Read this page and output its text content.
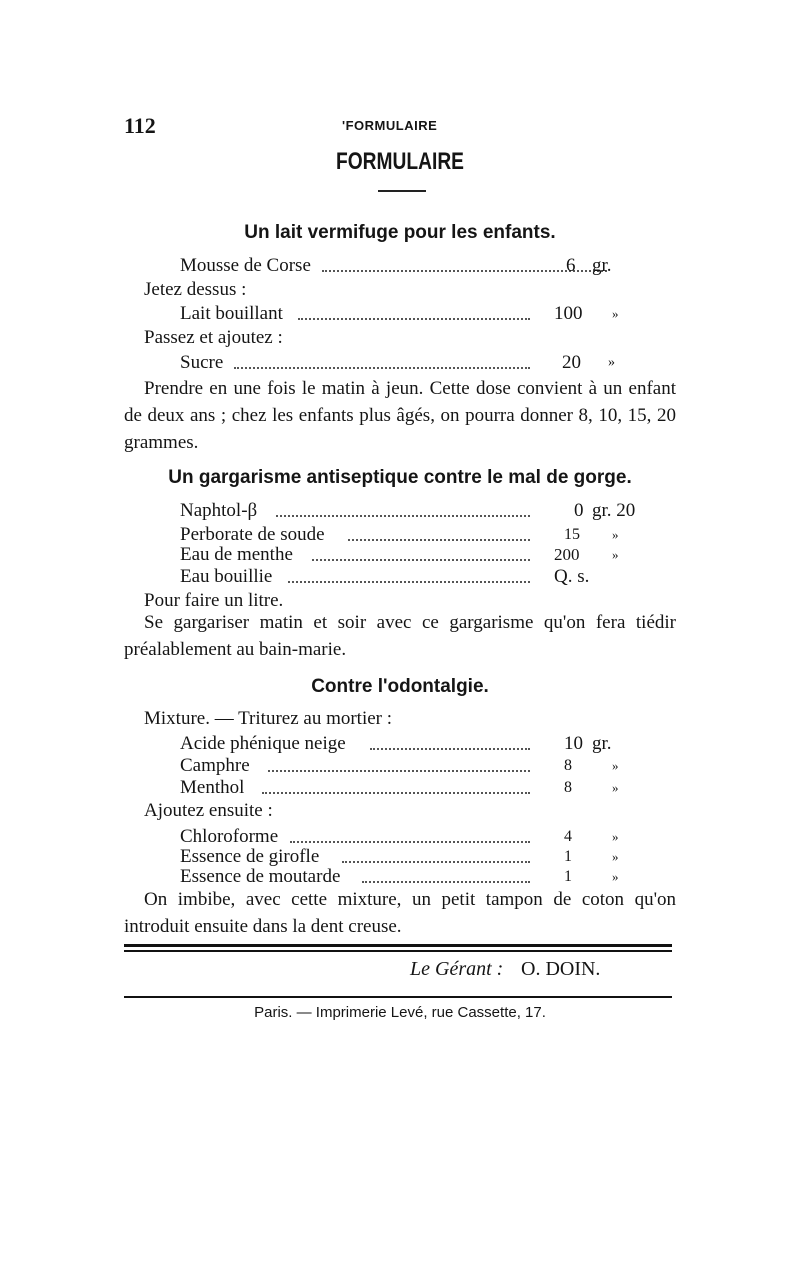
112	'FORMULAIRE
FORMULAIRE
Un lait vermifuge pour les enfants.
Mousse de Corse	6 gr.
Jetez dessus :
Lait bouillant	100 »
Passez et ajoutez :
Sucre	20 »
Prendre en une fois le matin à jeun. Cette dose convient à un enfant de deux ans ; chez les enfants plus âgés, on pourra donner 8, 10, 15, 20 grammes.
Un gargarisme antiseptique contre le mal de gorge.
Naphtol-β	0 gr. 20
Perborate de soude	15 »
Eau de menthe	200	»
Eau bouillie	Q. s.
Pour faire un litre.
Se gargariser matin et soir avec ce gargarisme qu'on fera tiédir préalablement au bain-marie.
Contre l'odontalgie.
Mixture. — Triturez au mortier :
Acide phénique neige	10 gr.
Camphre	8	»
Menthol	8	»
Ajoutez ensuite :
Chloroforme	4	»
Essence de girofle	1	»
Essence de moutarde	1	»
On imbibe, avec cette mixture, un petit tampon de coton qu'on introduit ensuite dans la dent creuse.
Le Gérant : O. DOIN.
Paris. — Imprimerie Levé, rue Cassette, 17.
